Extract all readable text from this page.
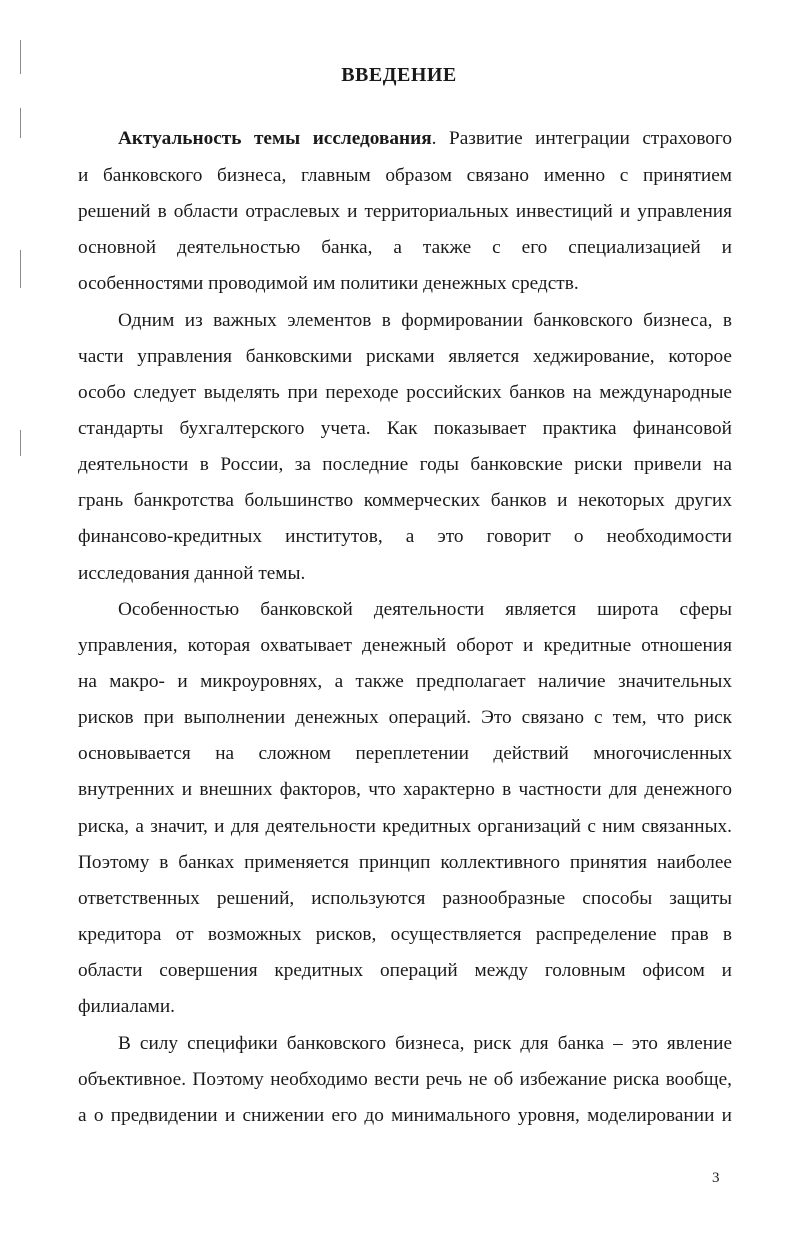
ВВЕДЕНИЕ
Актуальность темы исследования. Развитие интеграции страхового
и банковского бизнеса, главным образом связано именно с принятием
решений в области отраслевых и территориальных инвестиций и управления
основной деятельностью банка, а также с его специализацией и
особенностями проводимой им политики денежных средств.
Одним из важных элементов в формировании банковского бизнеса, в
части управления банковскими рисками является хеджирование, которое
особо следует выделять при переходе российских банков на международные
стандарты бухгалтерского учета. Как показывает практика финансовой
деятельности в России, за последние годы банковские риски привели на
грань банкротства большинство коммерческих банков и некоторых других
финансово-кредитных институтов, а это говорит о необходимости
исследования данной темы.
Особенностью банковской деятельности является широта сферы
управления, которая охватывает денежный оборот и кредитные отношения
на макро- и микроуровнях, а также предполагает наличие значительных
рисков при выполнении денежных операций. Это связано с тем, что риск
основывается на сложном переплетении действий многочисленных
внутренних и внешних факторов, что характерно в частности для денежного
риска, а значит, и для деятельности кредитных организаций с ним связанных.
Поэтому в банках применяется принцип коллективного принятия наиболее
ответственных решений, используются разнообразные способы защиты
кредитора от возможных рисков, осуществляется распределение прав в
области совершения кредитных операций между головным офисом и
филиалами.
В силу специфики банковского бизнеса, риск для банка – это явление
объективное. Поэтому необходимо вести речь не об избежание риска вообще,
а о предвидении и снижении его до минимального уровня, моделировании и
3
